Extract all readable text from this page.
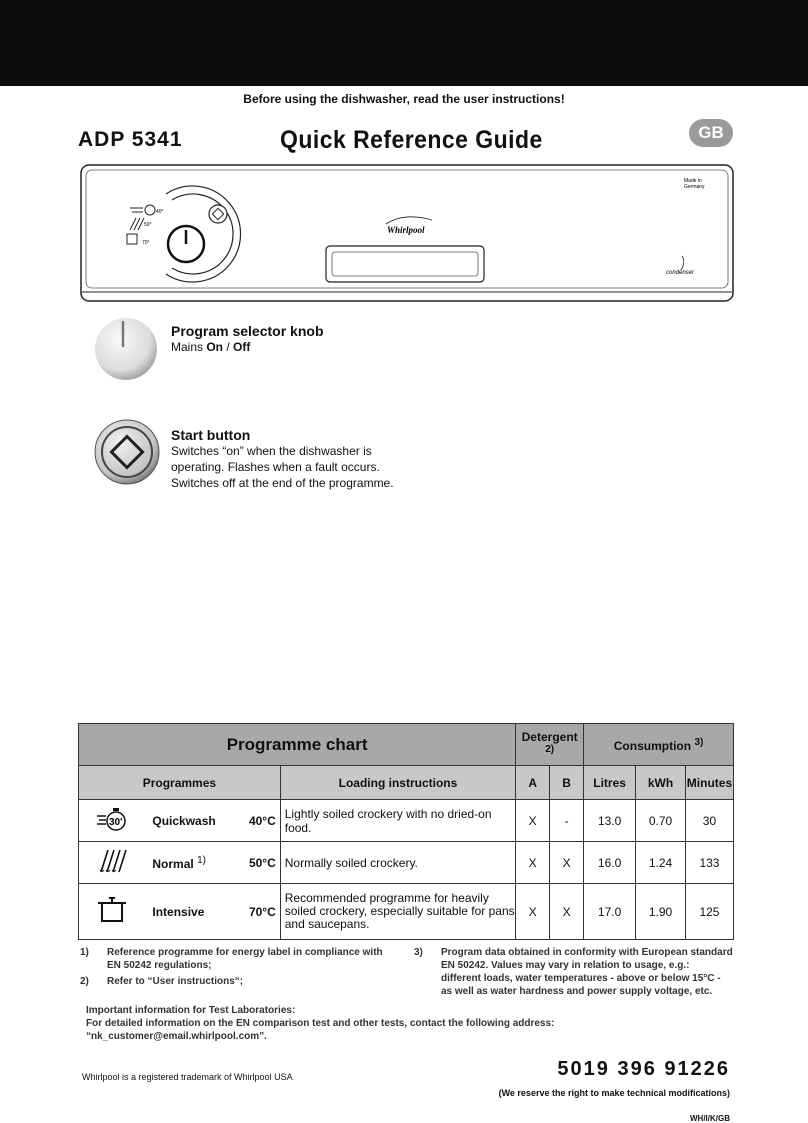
Before using the dishwasher, read the user instructions!
ADP 5341	Quick Reference Guide	GB
40°
50°
70°
Whirlpool
Made in
Germany
condenser
Program selector knob
Mains On / Off
Start button
Switches “on” when the dishwasher is
operating. Flashes when a fault occurs.
Switches off at the end of the programme.
Programme chart				Detergent $^{2)}$		Consumption $^{3)}$
Programmes			Loading instructions	A	B	Litres	kWh	Minutes

30'	Quickwash	40°C	Lightly soiled crockery with no dried-on food.	X	-	13.0	0.70	30
	Normal $^{1)}$	50°C	Normally soiled crockery.	X	X	16.0	1.24	133
	Intensive	70°C	Recommended programme for heavily soiled crockery, especially suitable for pans and saucepans.	X	X	17.0	1.90	125
1) Reference programme for energy label in compliance with
EN 50242 regulations;
2) Refer to “User instructions“;
3) Program data obtained in conformity with European standard
EN 50242. Values may vary in relation to usage, e.g.:
different loads, water temperatures - above or below 15°C -
as well as water hardness and power supply voltage, etc.
Important information for Test Laboratories:
For detailed information on the EN comparison test and other tests, contact the following address:
“nk_customer@email.whirlpool.com”.
Whirlpool is a registered trademark of Whirlpool USA	5019 396 91226
(We reserve the right to make technical modifications)
WH/I/K/GB
